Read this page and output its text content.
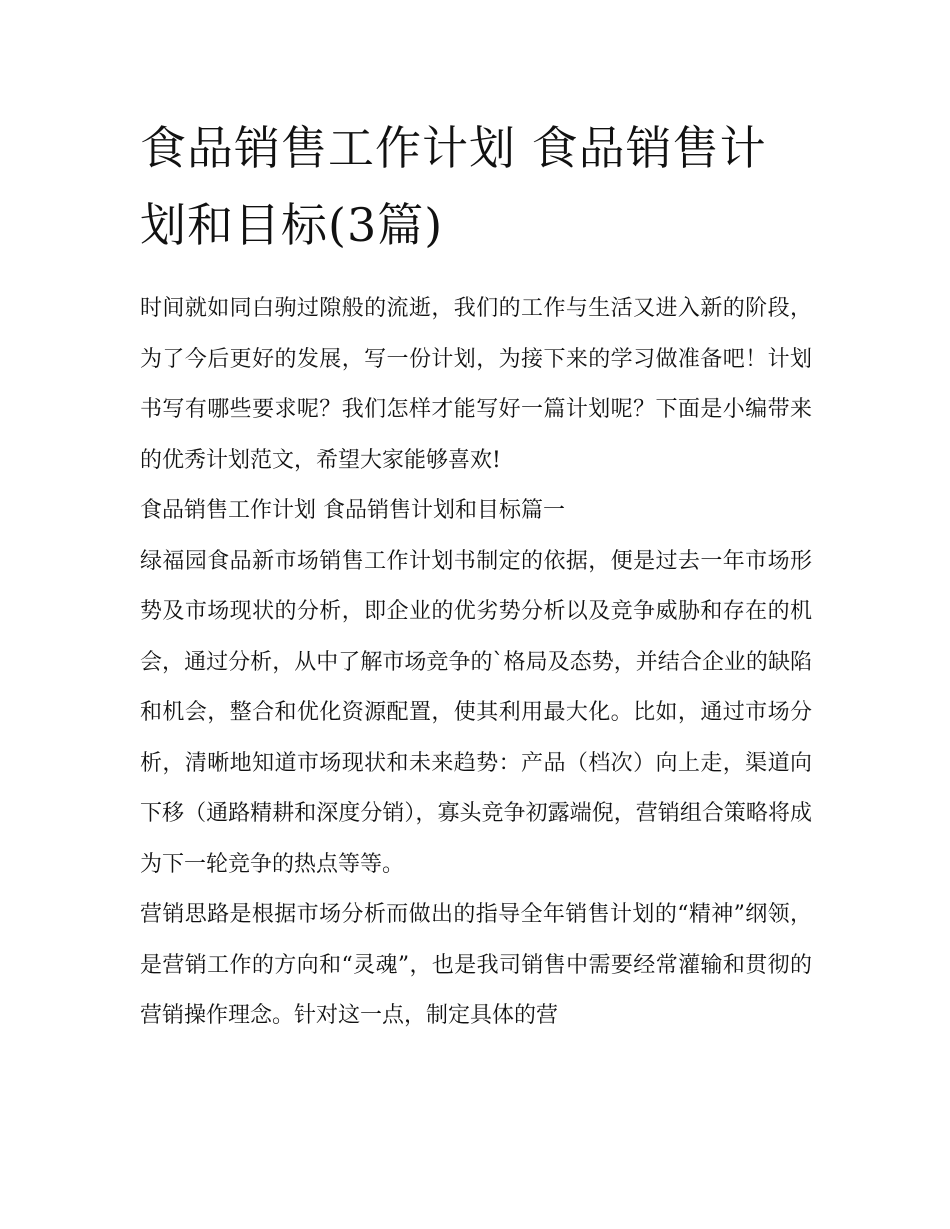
食品销售工作计划 食品销售计划和目标(3篇)

时间就如同白驹过隙般的流逝，我们的工作与生活又进入新的阶段，为了今后更好的发展，写一份计划，为接下来的学习做准备吧！计划书写有哪些要求呢？我们怎样才能写好一篇计划呢？下面是小编带来的优秀计划范文，希望大家能够喜欢!

食品销售工作计划 食品销售计划和目标篇一

绿福园食品新市场销售工作计划书制定的依据，便是过去一年市场形势及市场现状的分析，即企业的优劣势分析以及竞争威胁和存在的机会，通过分析，从中了解市场竞争的`格局及态势，并结合企业的缺陷和机会，整合和优化资源配置，使其利用最大化。比如，通过市场分析，清晰地知道市场现状和未来趋势：产品（档次）向上走，渠道向下移（通路精耕和深度分销），寡头竞争初露端倪，营销组合策略将成为下一轮竞争的热点等等。

营销思路是根据市场分析而做出的指导全年销售计划的“精神”纲领，是营销工作的方向和“灵魂”，也是我司销售中需要经常灌输和贯彻的营销操作理念。针对这一点，制定具体的营
